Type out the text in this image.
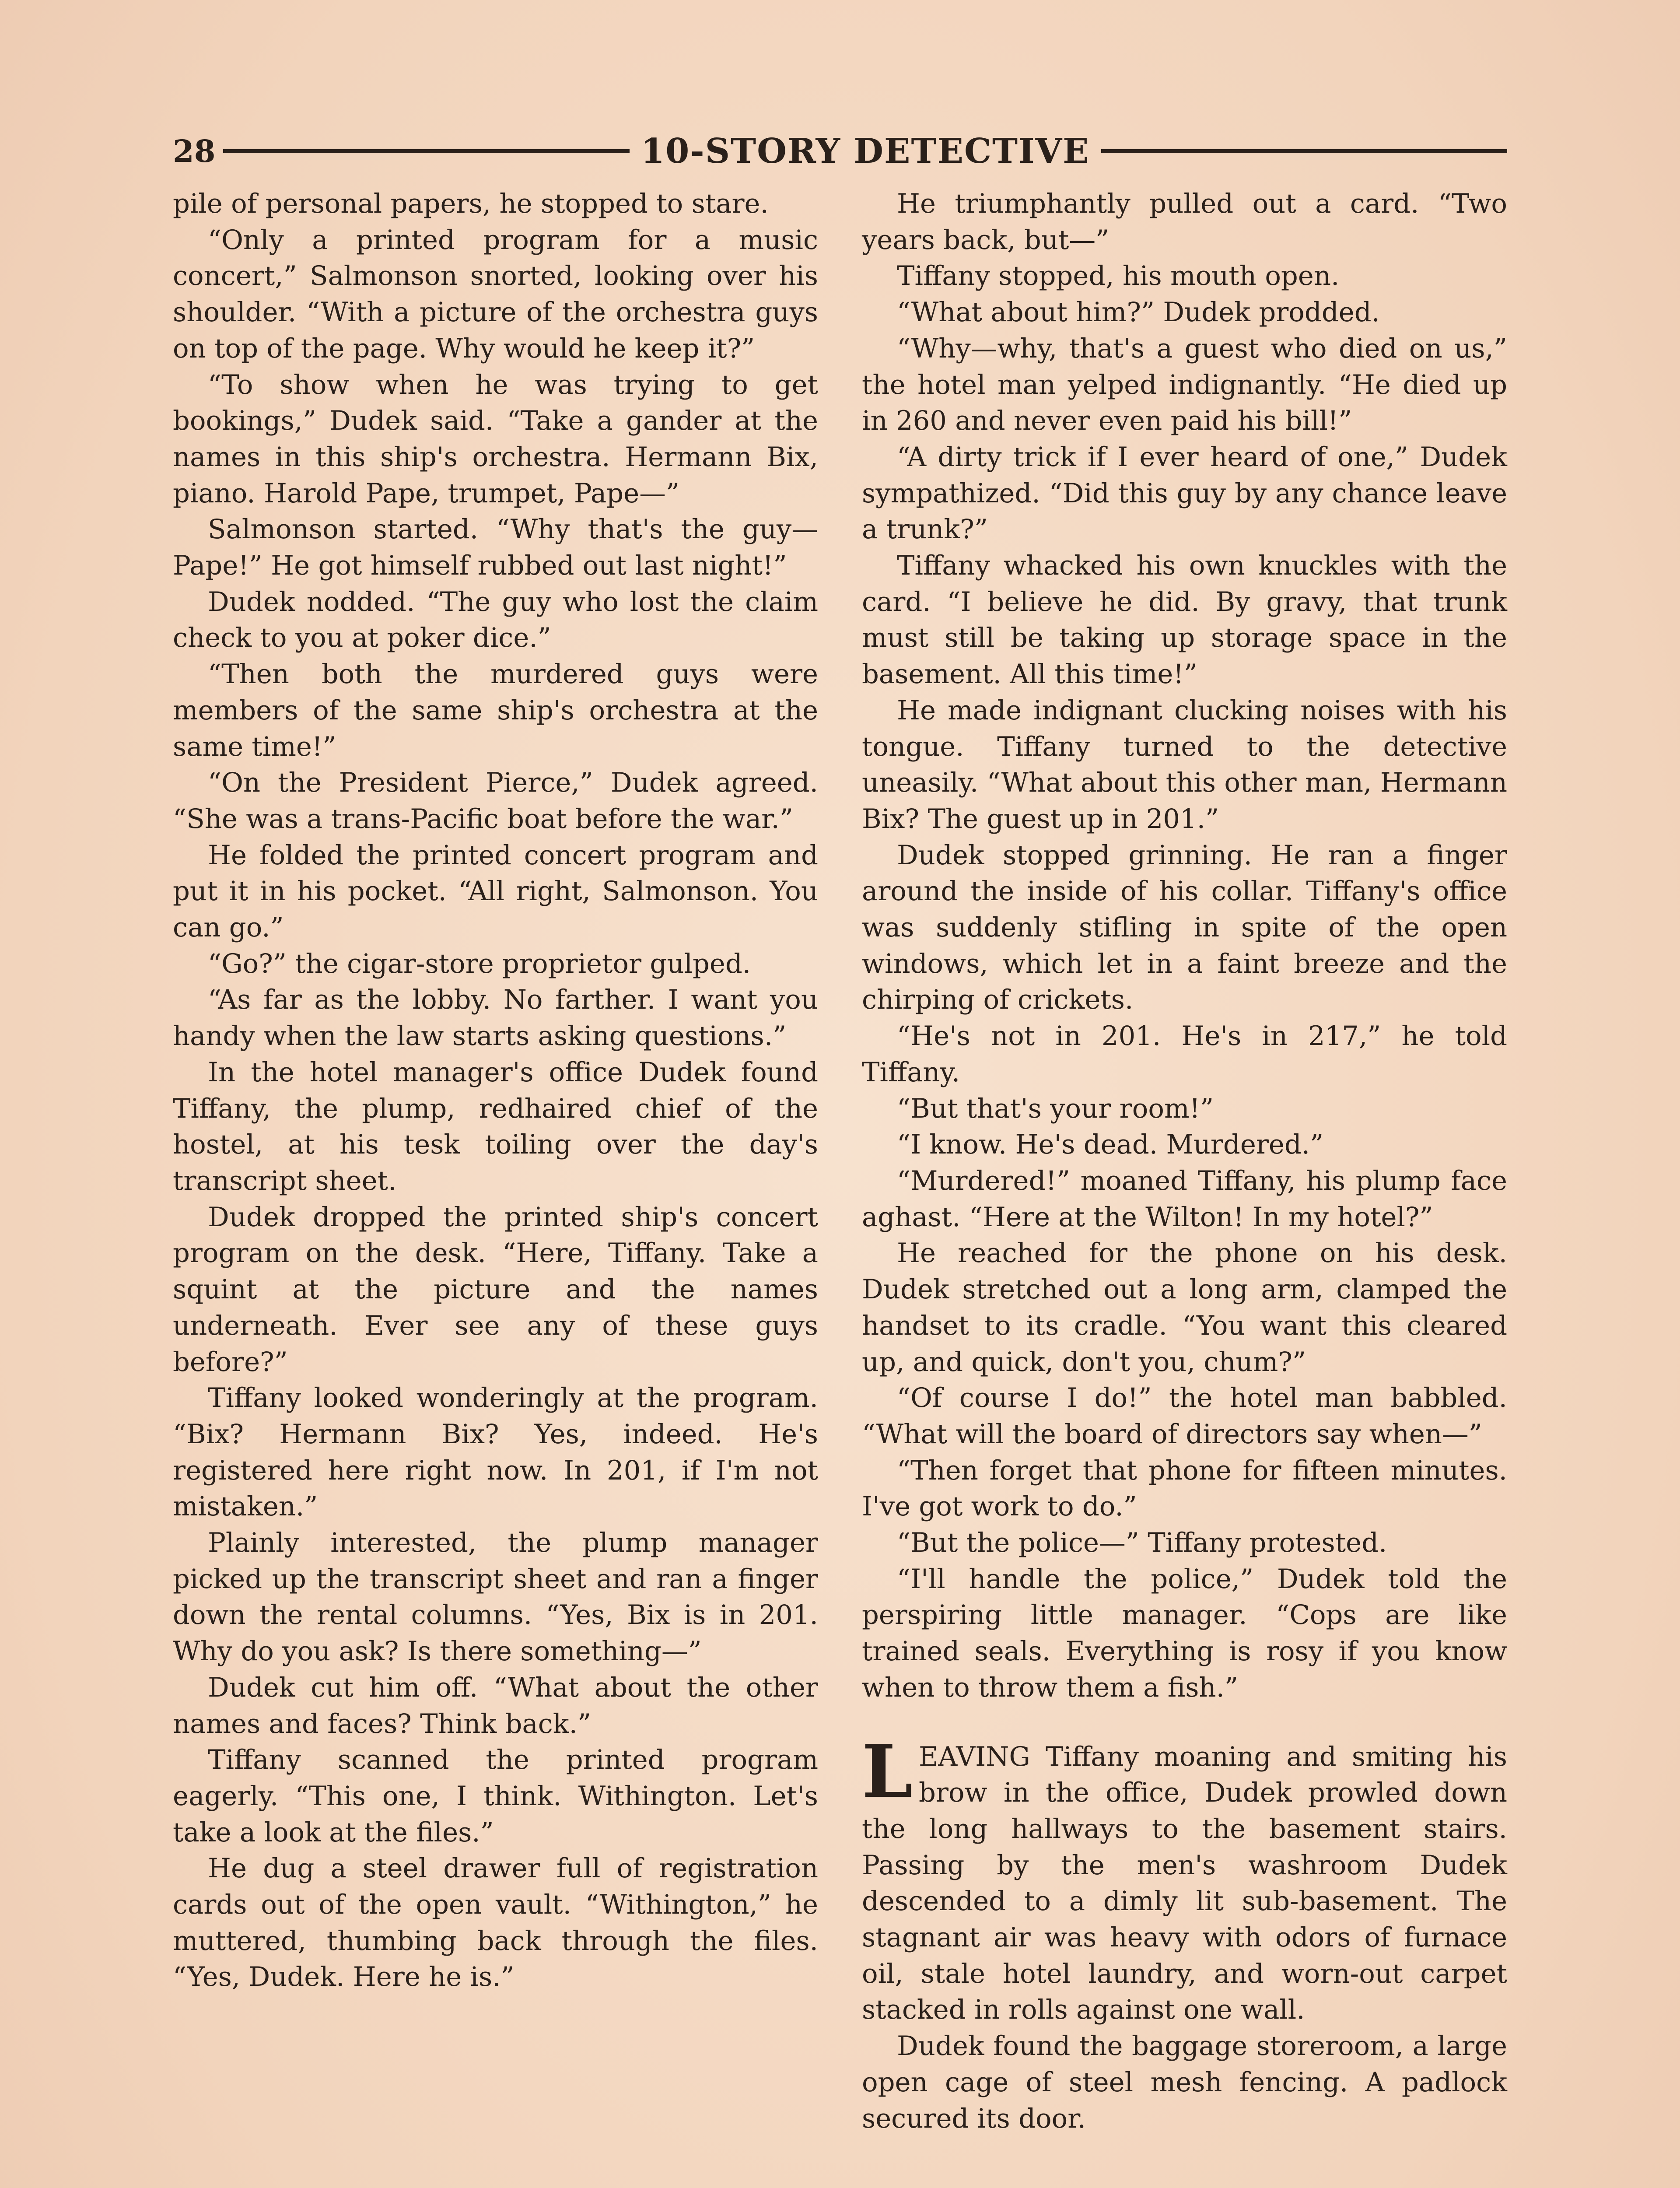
28	10-STORY DETECTIVE

pile of personal papers, he stopped to stare.

“Only a printed program for a music concert,” Salmonson snorted, looking over his shoulder. “With a picture of the orchestra guys on top of the page. Why would he keep it?”

“To show when he was trying to get bookings,” Dudek said. “Take a gander at the names in this ship's orchestra. Hermann Bix, piano. Harold Pape, trumpet, Pape—”

Salmonson started. “Why that's the guy—Pape!” He got himself rubbed out last night!”

Dudek nodded. “The guy who lost the claim check to you at poker dice.”

“Then both the murdered guys were members of the same ship's orchestra at the same time!”

“On the President Pierce,” Dudek agreed. “She was a trans-Pacific boat before the war.”

He folded the printed concert program and put it in his pocket. “All right, Salmonson. You can go.”

“Go?” the cigar-store proprietor gulped.

“As far as the lobby. No farther. I want you handy when the law starts asking questions.”

In the hotel manager's office Dudek found Tiffany, the plump, redhaired chief of the hostel, at his tesk toiling over the day's transcript sheet.

Dudek dropped the printed ship's concert program on the desk. “Here, Tiffany. Take a squint at the picture and the names underneath. Ever see any of these guys before?”

Tiffany looked wonderingly at the program. “Bix? Hermann Bix? Yes, indeed. He's registered here right now. In 201, if I'm not mistaken.”

Plainly interested, the plump manager picked up the transcript sheet and ran a finger down the rental columns. “Yes, Bix is in 201. Why do you ask? Is there something—”

Dudek cut him off. “What about the other names and faces? Think back.”

Tiffany scanned the printed program eagerly. “This one, I think. Withington. Let's take a look at the files.”

He dug a steel drawer full of registration cards out of the open vault. “Withington,” he muttered, thumbing back through the files. “Yes, Dudek. Here he is.”

He triumphantly pulled out a card. “Two years back, but—”

Tiffany stopped, his mouth open.

“What about him?” Dudek prodded.

“Why—why, that's a guest who died on us,” the hotel man yelped indignantly. “He died up in 260 and never even paid his bill!”

“A dirty trick if I ever heard of one,” Dudek sympathized. “Did this guy by any chance leave a trunk?”

Tiffany whacked his own knuckles with the card. “I believe he did. By gravy, that trunk must still be taking up storage space in the basement. All this time!”

He made indignant clucking noises with his tongue. Tiffany turned to the detective uneasily. “What about this other man, Hermann Bix? The guest up in 201.”

Dudek stopped grinning. He ran a finger around the inside of his collar. Tiffany's office was suddenly stifling in spite of the open windows, which let in a faint breeze and the chirping of crickets.

“He's not in 201. He's in 217,” he told Tiffany.

“But that's your room!”

“I know. He's dead. Murdered.”

“Murdered!” moaned Tiffany, his plump face aghast. “Here at the Wilton! In my hotel?”

He reached for the phone on his desk. Dudek stretched out a long arm, clamped the handset to its cradle. “You want this cleared up, and quick, don't you, chum?”

“Of course I do!” the hotel man babbled. “What will the board of directors say when—”

“Then forget that phone for fifteen minutes. I've got work to do.”

“But the police—” Tiffany protested.

“I'll handle the police,” Dudek told the perspiring little manager. “Cops are like trained seals. Everything is rosy if you know when to throw them a fish.”

LEAVING Tiffany moaning and smiting his brow in the office, Dudek prowled down the long hallways to the basement stairs. Passing by the men's washroom Dudek descended to a dimly lit sub-basement. The stagnant air was heavy with odors of furnace oil, stale hotel laundry, and worn-out carpet stacked in rolls against one wall.

Dudek found the baggage storeroom, a large open cage of steel mesh fencing. A padlock secured its door.
